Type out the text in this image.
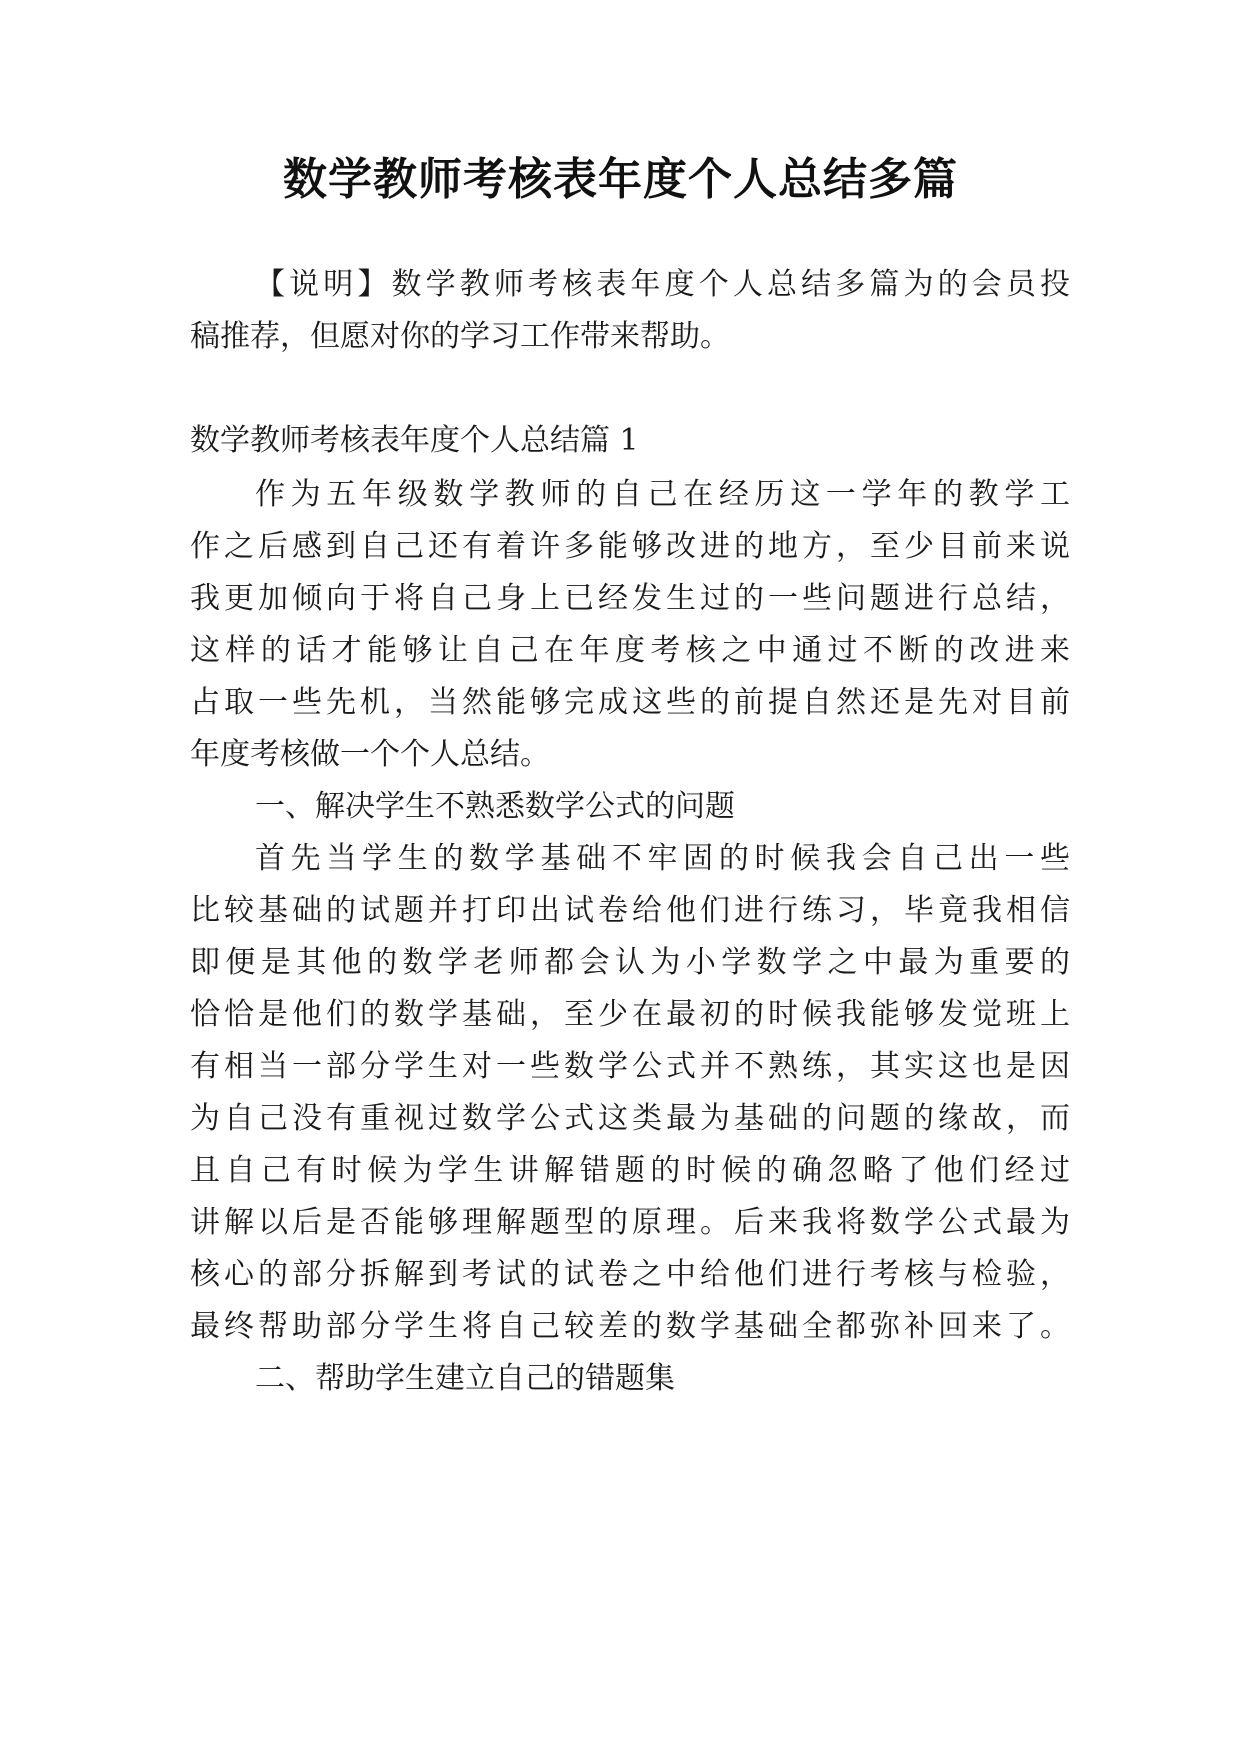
数学教师考核表年度个人总结多篇
【说明】数学教师考核表年度个人总结多篇为的会员投
稿推荐，但愿对你的学习工作带来帮助。
数学教师考核表年度个人总结篇 1
作为五年级数学教师的自己在经历这一学年的教学工
作之后感到自己还有着许多能够改进的地方，至少目前来说
我更加倾向于将自己身上已经发生过的一些问题进行总结，
这样的话才能够让自己在年度考核之中通过不断的改进来
占取一些先机，当然能够完成这些的前提自然还是先对目前
年度考核做一个个人总结。
一、解决学生不熟悉数学公式的问题
首先当学生的数学基础不牢固的时候我会自己出一些
比较基础的试题并打印出试卷给他们进行练习，毕竟我相信
即便是其他的数学老师都会认为小学数学之中最为重要的
恰恰是他们的数学基础，至少在最初的时候我能够发觉班上
有相当一部分学生对一些数学公式并不熟练，其实这也是因
为自己没有重视过数学公式这类最为基础的问题的缘故，而
且自己有时候为学生讲解错题的时候的确忽略了他们经过
讲解以后是否能够理解题型的原理。后来我将数学公式最为
核心的部分拆解到考试的试卷之中给他们进行考核与检验，
最终帮助部分学生将自己较差的数学基础全都弥补回来了。
二、帮助学生建立自己的错题集
